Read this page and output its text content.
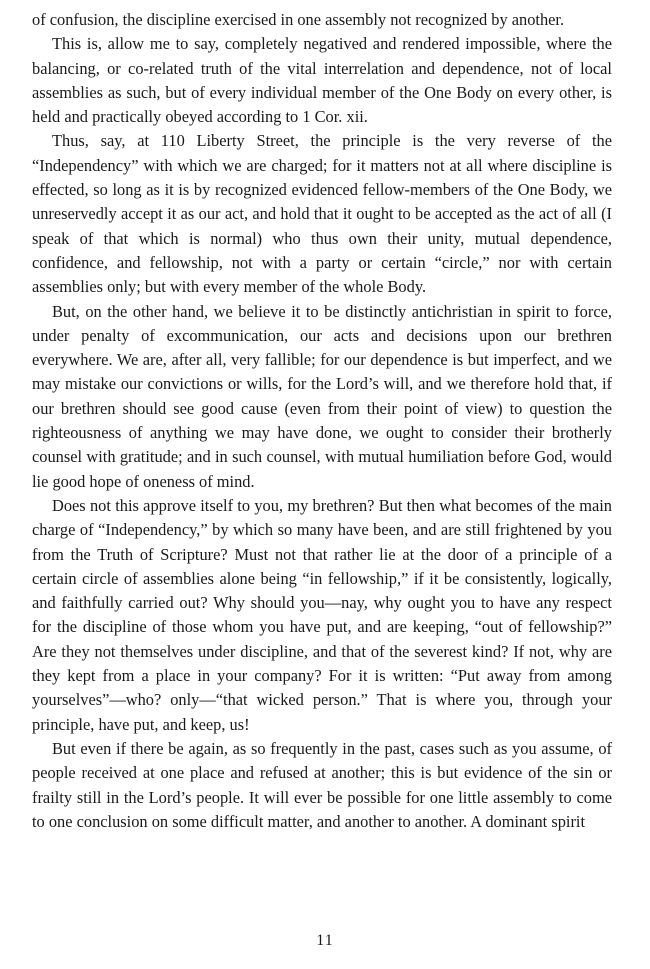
of confusion, the discipline exercised in one assembly not recognized by another.

This is, allow me to say, completely negatived and rendered impossible, where the balancing, or co-related truth of the vital interrelation and dependence, not of local assemblies as such, but of every individual member of the One Body on every other, is held and practically obeyed according to 1 Cor. xii.

Thus, say, at 110 Liberty Street, the principle is the very reverse of the “Independency” with which we are charged; for it matters not at all where discipline is effected, so long as it is by recognized evidenced fellow-members of the One Body, we unreservedly accept it as our act, and hold that it ought to be accepted as the act of all (I speak of that which is normal) who thus own their unity, mutual dependence, confidence, and fellowship, not with a party or certain “circle,” nor with certain assemblies only; but with every member of the whole Body.

But, on the other hand, we believe it to be distinctly antichristian in spirit to force, under penalty of excommunication, our acts and decisions upon our brethren everywhere. We are, after all, very fallible; for our dependence is but imperfect, and we may mistake our convictions or wills, for the Lord’s will, and we therefore hold that, if our brethren should see good cause (even from their point of view) to question the righteousness of anything we may have done, we ought to consider their brotherly counsel with gratitude; and in such counsel, with mutual humiliation before God, would lie good hope of oneness of mind.

Does not this approve itself to you, my brethren? But then what becomes of the main charge of “Independency,” by which so many have been, and are still frightened by you from the Truth of Scripture? Must not that rather lie at the door of a principle of a certain circle of assemblies alone being “in fellowship,” if it be consistently, logically, and faithfully carried out? Why should you—nay, why ought you to have any respect for the discipline of those whom you have put, and are keeping, “out of fellowship?” Are they not themselves under discipline, and that of the severest kind? If not, why are they kept from a place in your company? For it is written: “Put away from among yourselves”—who? only—“that wicked person.” That is where you, through your principle, have put, and keep, us!

But even if there be again, as so frequently in the past, cases such as you assume, of people received at one place and refused at another; this is but evidence of the sin or frailty still in the Lord’s people. It will ever be possible for one little assembly to come to one conclusion on some difficult matter, and another to another. A dominant spirit

11
